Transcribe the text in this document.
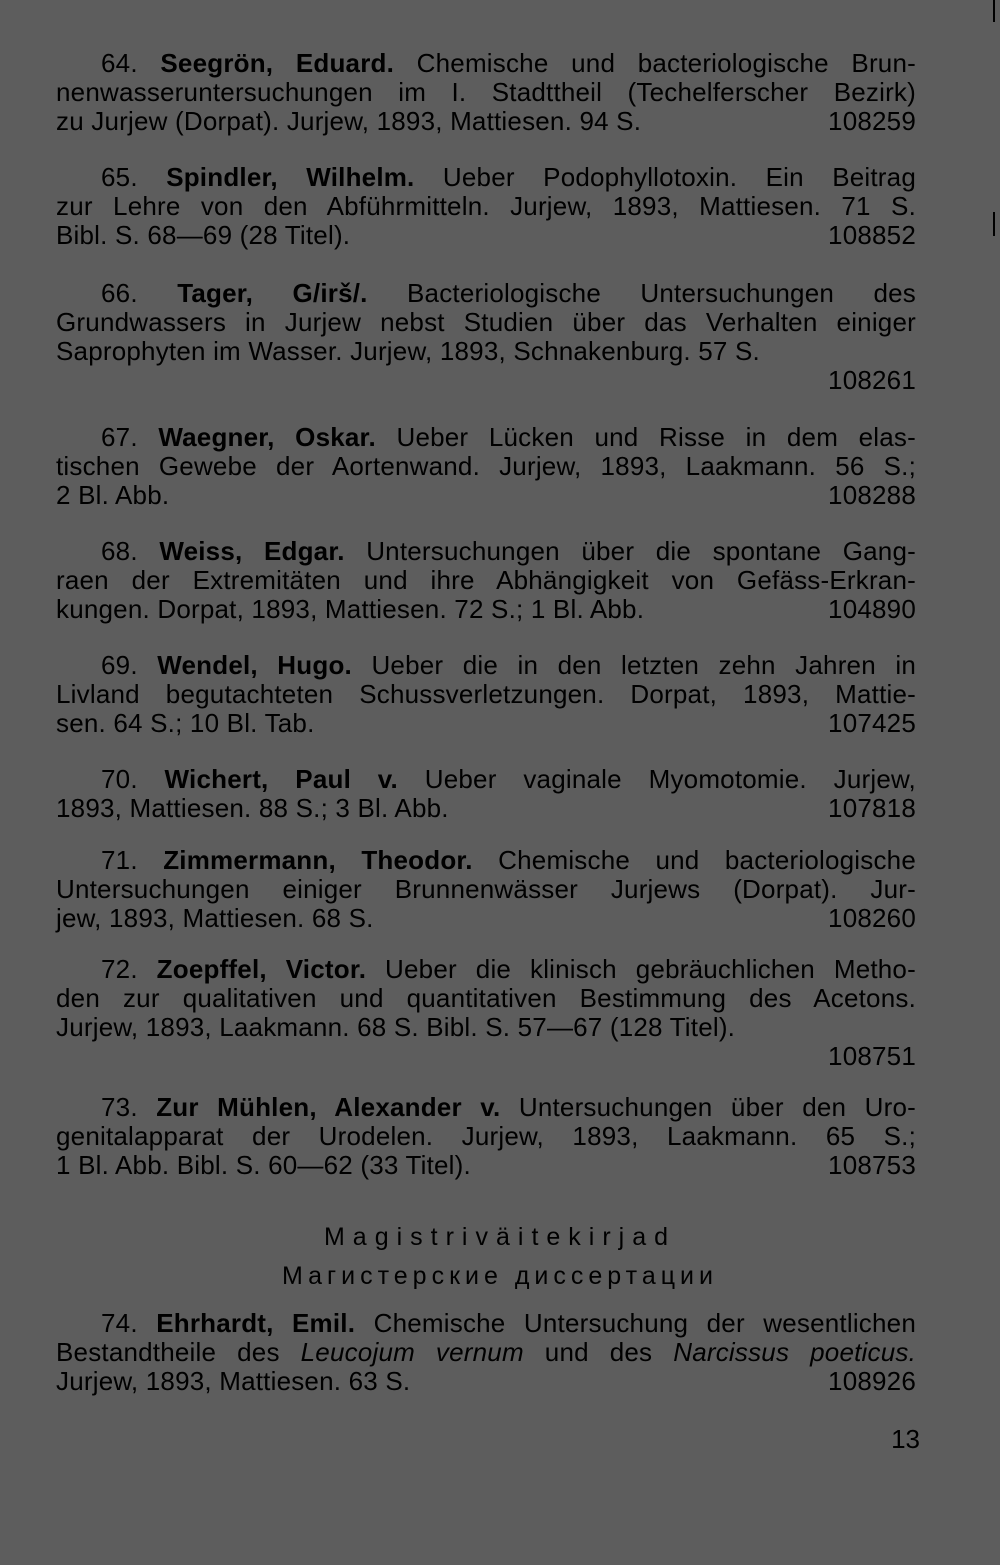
64. Seegrön, Eduard. Chemische und bacteriologische Brun-
nenwasseruntersuchungen im I. Stadttheil (Techelferscher Bezirk)
zu Jurjew (Dorpat). Jurjew, 1893, Mattiesen. 94 S.	108259
65. Spindler, Wilhelm. Ueber Podophyllotoxin. Ein Beitrag
zur Lehre von den Abführmitteln. Jurjew, 1893, Mattiesen. 71 S.
Bibl. S. 68—69 (28 Titel).	108852
66. Tager, G/irš/. Bacteriologische Untersuchungen des
Grundwassers in Jurjew nebst Studien über das Verhalten einiger
Saprophyten im Wasser. Jurjew, 1893, Schnakenburg. 57 S.
108261
67. Waegner, Oskar. Ueber Lücken und Risse in dem elas-
tischen Gewebe der Aortenwand. Jurjew, 1893, Laakmann. 56 S.;
2 Bl. Abb.	108288
68. Weiss, Edgar. Untersuchungen über die spontane Gang-
raen der Extremitäten und ihre Abhängigkeit von Gefäss-Erkran-
kungen. Dorpat, 1893, Mattiesen. 72 S.; 1 Bl. Abb.	104890
69. Wendel, Hugo. Ueber die in den letzten zehn Jahren in
Livland begutachteten Schussverletzungen. Dorpat, 1893, Mattie-
sen. 64 S.; 10 Bl. Tab.	107425
70. Wichert, Paul v. Ueber vaginale Myomotomie. Jurjew,
1893, Mattiesen. 88 S.; 3 Bl. Abb.	107818
71. Zimmermann, Theodor. Chemische und bacteriologische
Untersuchungen einiger Brunnenwässer Jurjews (Dorpat). Jur-
jew, 1893, Mattiesen. 68 S.	108260
72. Zoepffel, Victor. Ueber die klinisch gebräuchlichen Metho-
den zur qualitativen und quantitativen Bestimmung des Acetons.
Jurjew, 1893, Laakmann. 68 S. Bibl. S. 57—67 (128 Titel).
108751
73. Zur Mühlen, Alexander v. Untersuchungen über den Uro-
genitalapparat der Urodelen. Jurjew, 1893, Laakmann. 65 S.;
1 Bl. Abb. Bibl. S. 60—62 (33 Titel).	108753
Magistriväitekirjad
Магистерские диссертации
74. Ehrhardt, Emil. Chemische Untersuchung der wesentlichen
Bestandtheile des Leucojum vernum und des Narcissus poeticus.
Jurjew, 1893, Mattiesen. 63 S.	108926
13
